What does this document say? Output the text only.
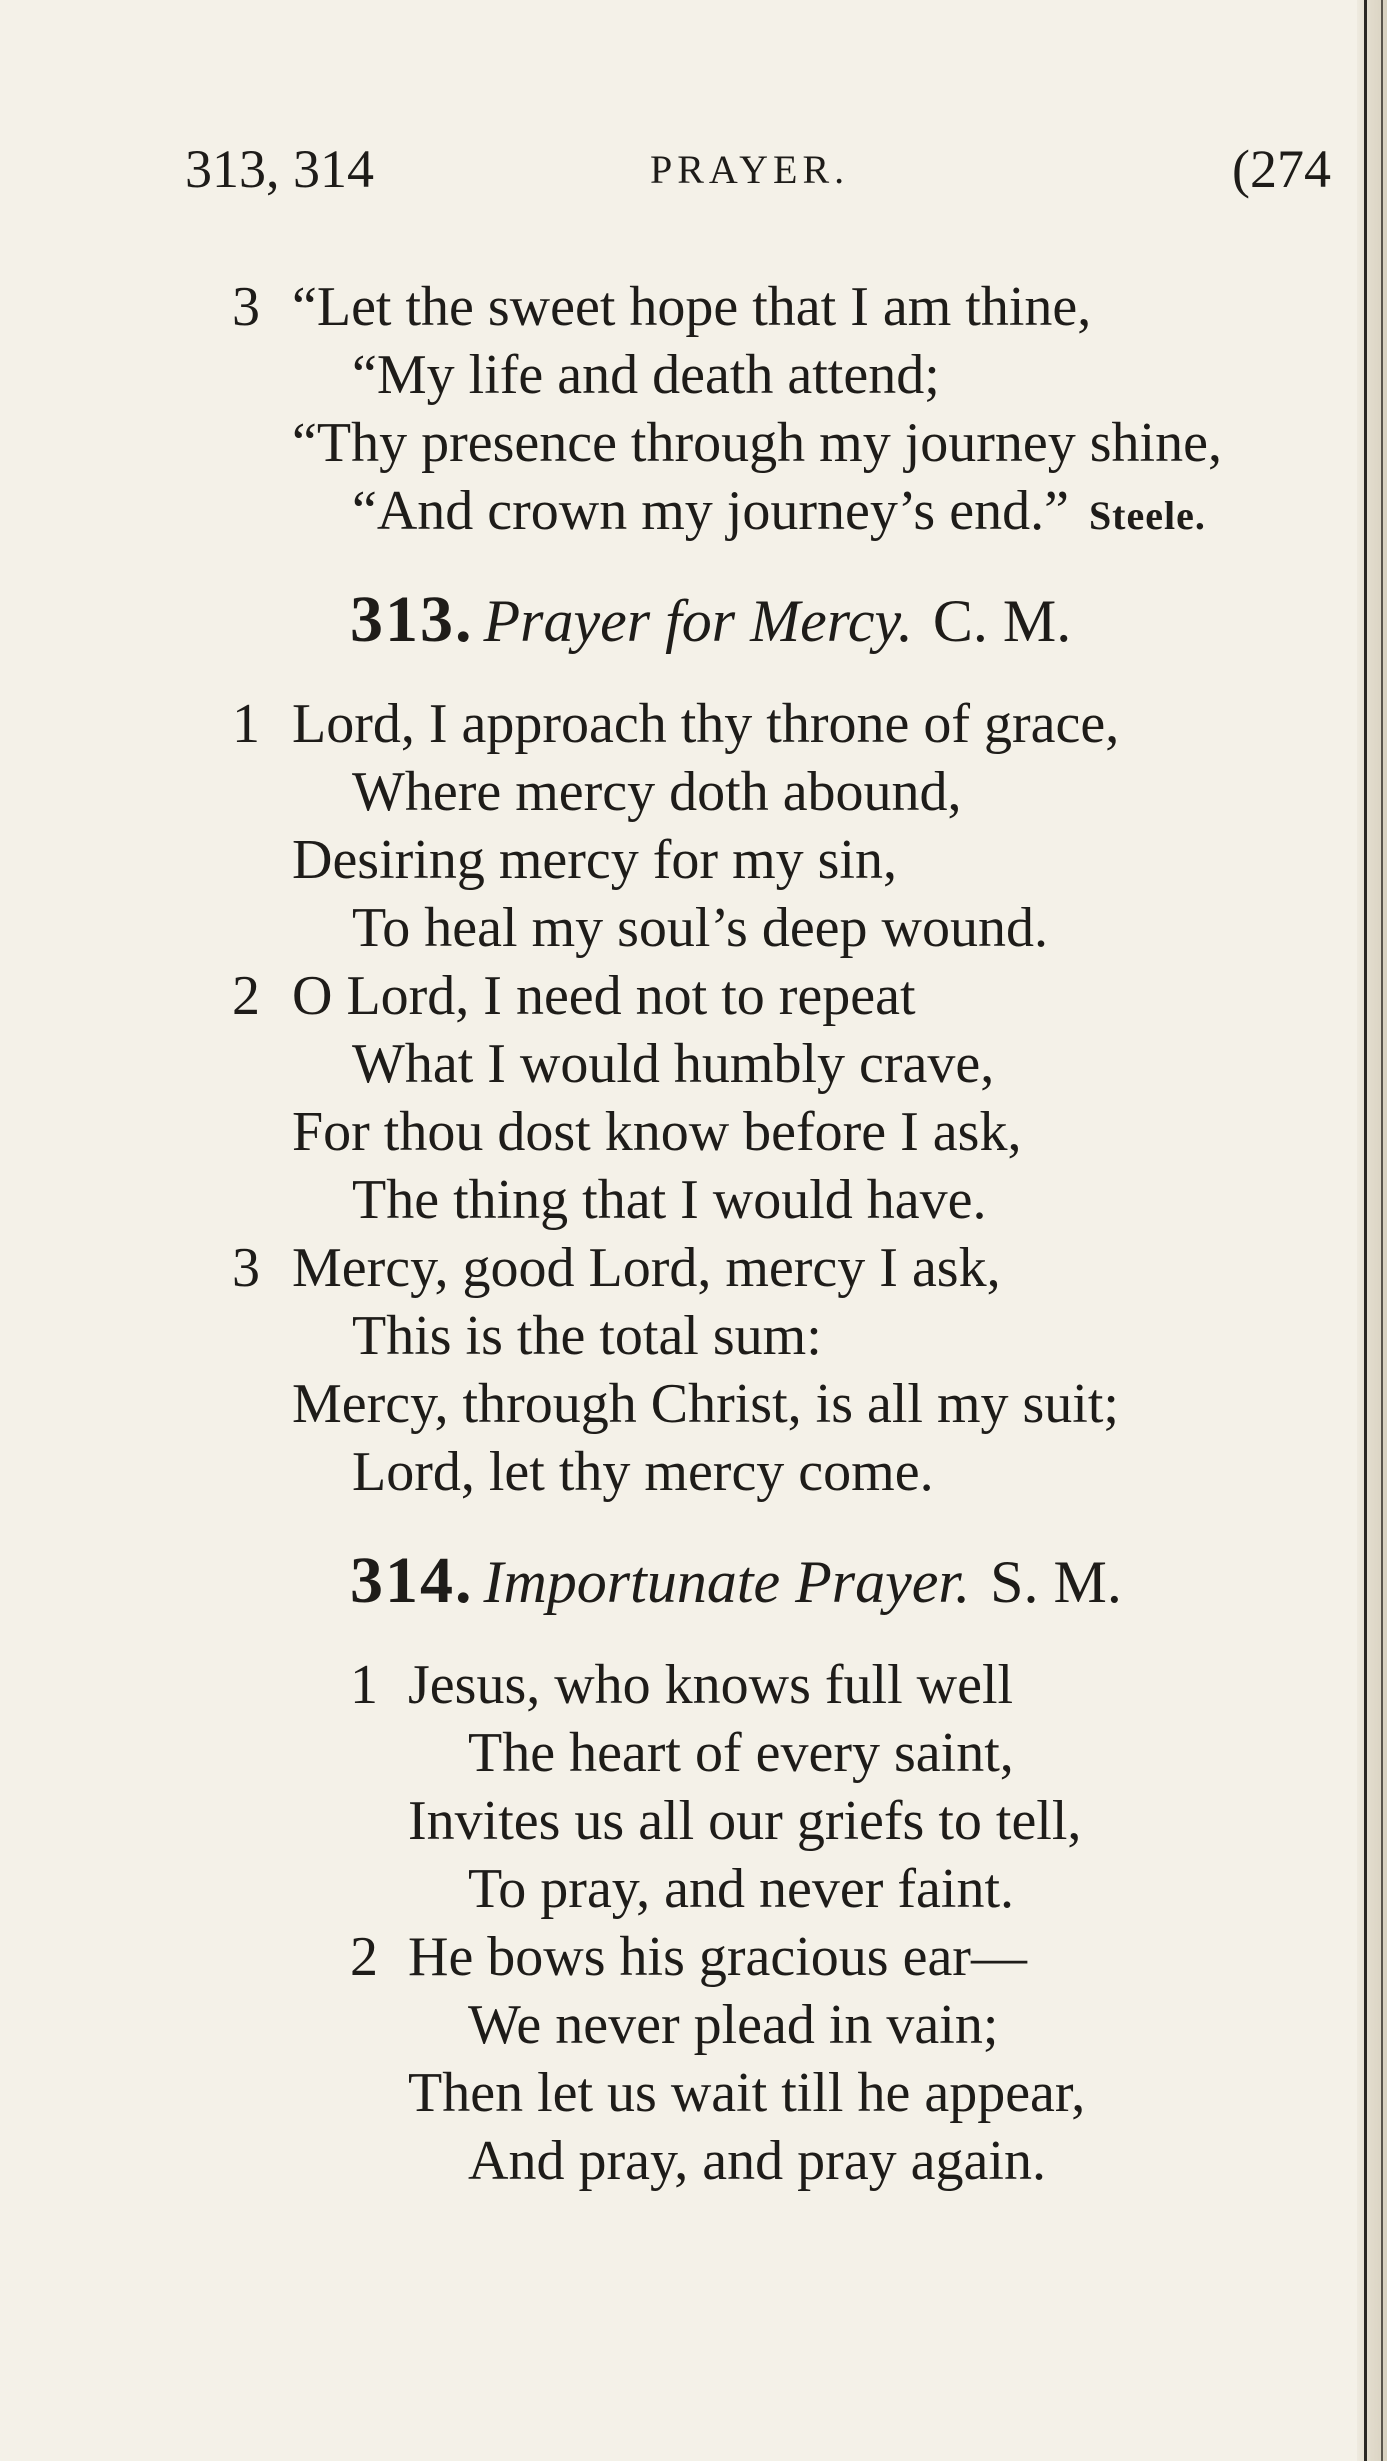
313, 314	PRAYER.	(274
3 “Let the sweet hope that I am thine,
“My life and death attend;
“Thy presence through my journey shine,
“And crown my journey’s end.” Steele.
313. Prayer for Mercy. C. M.
1 Lord, I approach thy throne of grace,
Where mercy doth abound,
Desiring mercy for my sin,
To heal my soul’s deep wound.
2 O Lord, I need not to repeat
What I would humbly crave,
For thou dost know before I ask,
The thing that I would have.
3 Mercy, good Lord, mercy I ask,
This is the total sum:
Mercy, through Christ, is all my suit;
Lord, let thy mercy come.
314. Importunate Prayer. S. M.
1 Jesus, who knows full well
The heart of every saint,
Invites us all our griefs to tell,
To pray, and never faint.
2 He bows his gracious ear—
We never plead in vain;
Then let us wait till he appear,
And pray, and pray again.
